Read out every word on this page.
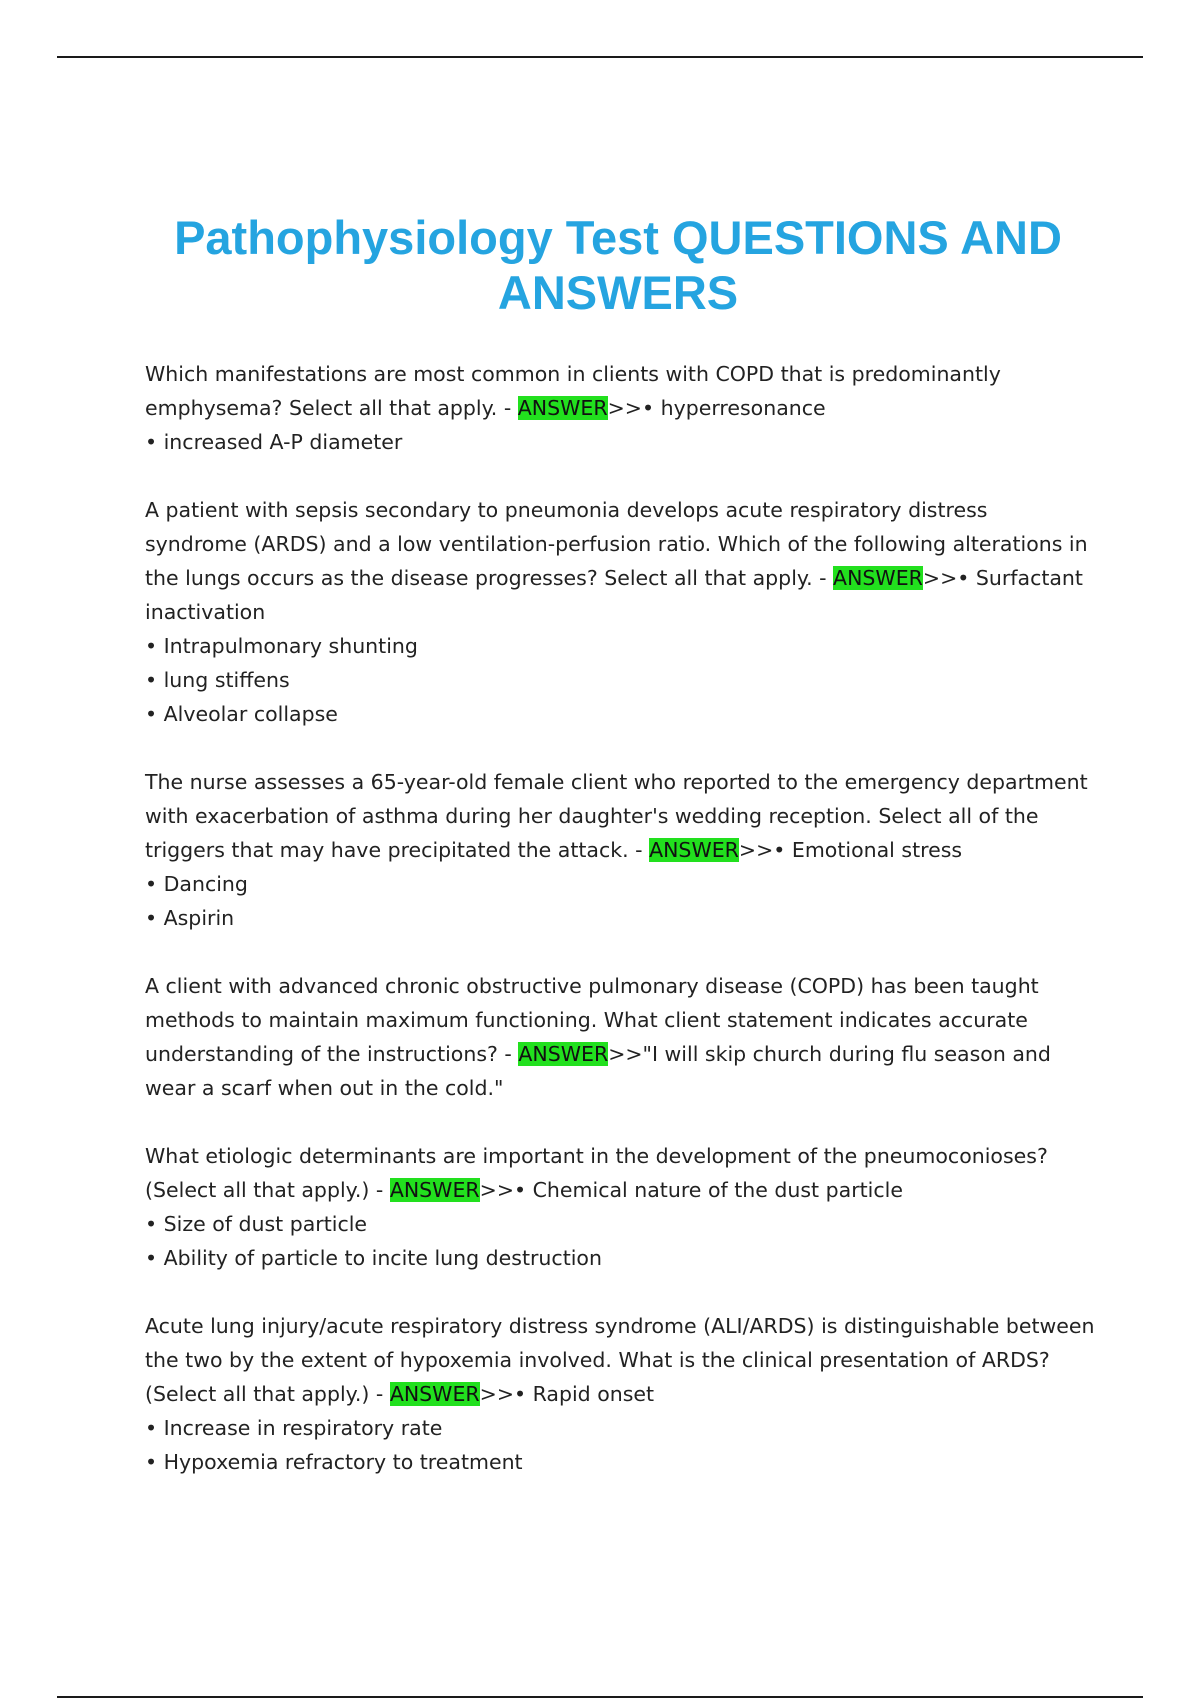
Pathophysiology Test QUESTIONS AND ANSWERS

Which manifestations are most common in clients with COPD that is predominantly emphysema? Select all that apply. - ANSWER>>• hyperresonance
• increased A-P diameter

A patient with sepsis secondary to pneumonia develops acute respiratory distress syndrome (ARDS) and a low ventilation-perfusion ratio. Which of the following alterations in the lungs occurs as the disease progresses? Select all that apply. - ANSWER>>• Surfactant inactivation
• Intrapulmonary shunting
• lung stiffens
• Alveolar collapse

The nurse assesses a 65-year-old female client who reported to the emergency department with exacerbation of asthma during her daughter's wedding reception. Select all of the triggers that may have precipitated the attack. - ANSWER>>• Emotional stress
• Dancing
• Aspirin

A client with advanced chronic obstructive pulmonary disease (COPD) has been taught methods to maintain maximum functioning. What client statement indicates accurate understanding of the instructions? - ANSWER>>"I will skip church during flu season and wear a scarf when out in the cold."

What etiologic determinants are important in the development of the pneumoconioses? (Select all that apply.) - ANSWER>>• Chemical nature of the dust particle
• Size of dust particle
• Ability of particle to incite lung destruction

Acute lung injury/acute respiratory distress syndrome (ALI/ARDS) is distinguishable between the two by the extent of hypoxemia involved. What is the clinical presentation of ARDS? (Select all that apply.) - ANSWER>>• Rapid onset
• Increase in respiratory rate
• Hypoxemia refractory to treatment
